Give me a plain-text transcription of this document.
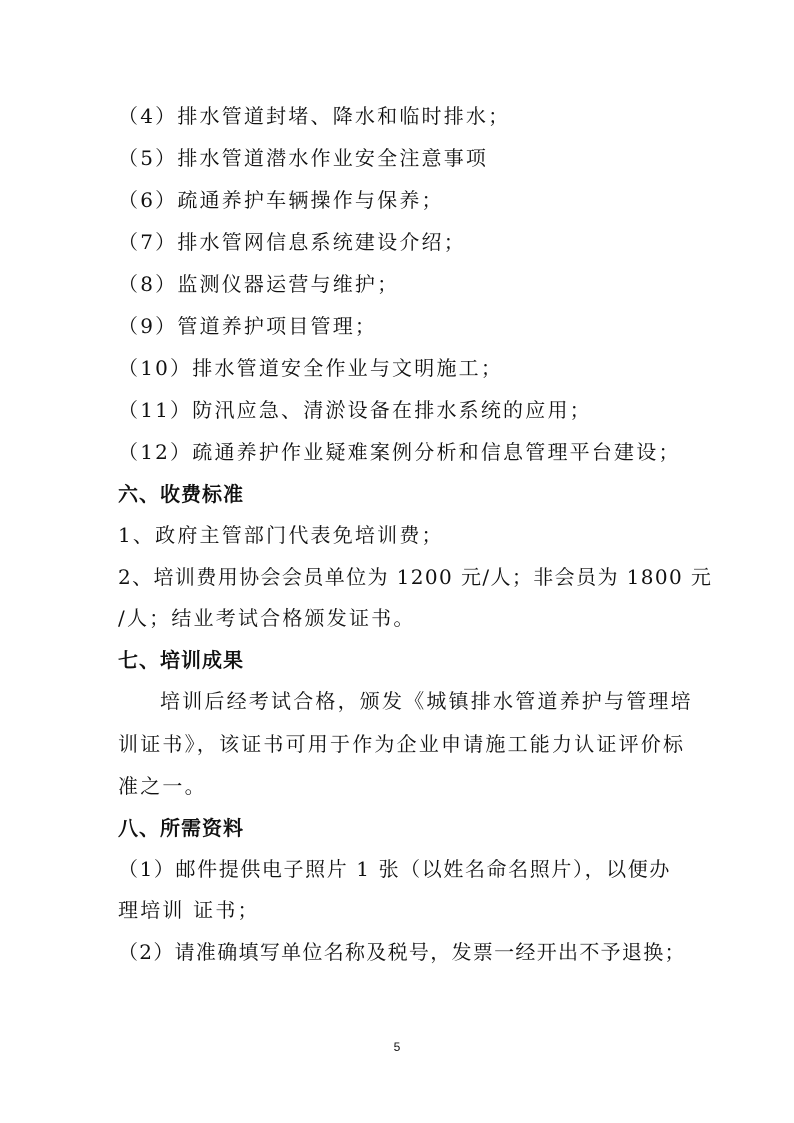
（4）排水管道封堵、降水和临时排水；
（5）排水管道潜水作业安全注意事项
（6）疏通养护车辆操作与保养；
（7）排水管网信息系统建设介绍；
（8）监测仪器运营与维护；
（9）管道养护项目管理；
（10）排水管道安全作业与文明施工；
（11）防汛应急、清淤设备在排水系统的应用；
（12）疏通养护作业疑难案例分析和信息管理平台建设；
六、收费标准
1、政府主管部门代表免培训费；
2、培训费用协会会员单位为 1200 元/人；非会员为 1800 元
/人；结业考试合格颁发证书。
七、培训成果
培训后经考试合格，颁发《城镇排水管道养护与管理培
训证书》，该证书可用于作为企业申请施工能力认证评价标
准之一。
八、所需资料
（1）邮件提供电子照片 1 张（以姓名命名照片），以便办
理培训 证书；
（2）请准确填写单位名称及税号，发票一经开出不予退换；
5
